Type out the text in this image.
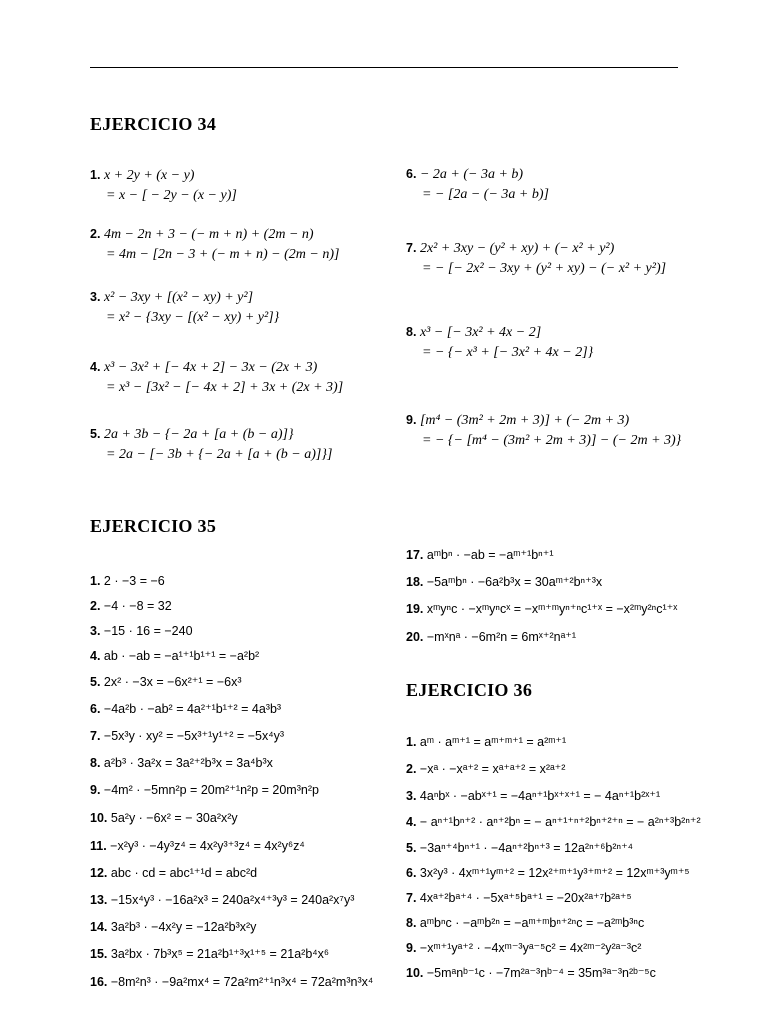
EJERCICIO 34
EJERCICIO 35
EJERCICIO 36
1. x + 2y + (x − y)
= x − [ − 2y − (x − y)]
2. 4m − 2n + 3 − (− m + n) + (2m − n)
= 4m − [2n − 3 + (− m + n) − (2m − n)]
3. x² − 3xy + [(x² − xy) + y²]
= x² − {3xy − [(x² − xy) + y²]}
4. x³ − 3x² + [− 4x + 2] − 3x − (2x + 3)
= x³ − [3x² − [− 4x + 2] + 3x + (2x + 3)]
5. 2a + 3b − {− 2a + [a + (b − a)]}
= 2a − [− 3b + {− 2a + [a + (b − a)]}]
6. − 2a + (− 3a + b)
= − [2a − (− 3a + b)]
7. 2x² + 3xy − (y² + xy) + (− x² + y²)
= − [− 2x² − 3xy + (y² + xy) − (− x² + y²)]
8. x³ − [− 3x² + 4x − 2]
= − {− x³ + [− 3x² + 4x − 2]}
9. [m⁴ − (3m² + 2m + 3)] + (− 2m + 3)
= − {− [m⁴ − (3m² + 2m + 3)] − (− 2m + 3)}
1. 2 · −3 = −6
2. −4 · −8 = 32
3. −15 · 16 = −240
4. ab · −ab = −a¹⁺¹b¹⁺¹ = −a²b²
5. 2x² · −3x = −6x²⁺¹ = −6x³
6. −4a²b · −ab² = 4a²⁺¹b¹⁺² = 4a³b³
7. −5x³y · xy² = −5x³⁺¹y¹⁺² = −5x⁴y³
8. a²b³ · 3a²x = 3a²⁺²b³x = 3a⁴b³x
9. −4m² · −5mn²p = 20m²⁺¹n²p = 20m³n²p
10. 5a²y · −6x² = − 30a²x²y
11. −x²y³ · −4y³z⁴ = 4x²y³⁺³z⁴ = 4x²y⁶z⁴
12. abc · cd = abc¹⁺¹d = abc²d
13. −15x⁴y³ · −16a²x³ = 240a²x⁴⁺³y³ = 240a²x⁷y³
14. 3a²b³ · −4x²y = −12a²b³x²y
15. 3a²bx · 7b³x⁵ = 21a²b¹⁺³x¹⁺⁵ = 21a²b⁴x⁶
16. −8m²n³ · −9a²mx⁴ = 72a²m²⁺¹n³x⁴ = 72a²m³n³x⁴
17. aᵐbⁿ · −ab = −aᵐ⁺¹bⁿ⁺¹
18. −5aᵐbⁿ · −6a²b³x = 30aᵐ⁺²bⁿ⁺³x
19. xᵐyⁿc · −xᵐyⁿcˣ = −xᵐ⁺ᵐyⁿ⁺ⁿc¹⁺ˣ = −x²ᵐy²ⁿc¹⁺ˣ
20. −mˣnᵃ · −6m²n = 6mˣ⁺²nᵃ⁺¹
1. aᵐ · aᵐ⁺¹ = aᵐ⁺ᵐ⁺¹ = a²ᵐ⁺¹
2. −xᵃ · −xᵃ⁺² = xᵃ⁺ᵃ⁺² = x²ᵃ⁺²
3. 4aⁿbˣ · −abˣ⁺¹ = −4aⁿ⁺¹bˣ⁺ˣ⁺¹ = − 4aⁿ⁺¹b²ˣ⁺¹
4. − aⁿ⁺¹bⁿ⁺² · aⁿ⁺²bⁿ = − aⁿ⁺¹⁺ⁿ⁺²bⁿ⁺²⁺ⁿ = − a²ⁿ⁺³b²ⁿ⁺²
5. −3aⁿ⁺⁴bⁿ⁺¹ · −4aⁿ⁺²bⁿ⁺³ = 12a²ⁿ⁺⁶b²ⁿ⁺⁴
6. 3x²y³ · 4xᵐ⁺¹yᵐ⁺² = 12x²⁺ᵐ⁺¹y³⁺ᵐ⁺² = 12xᵐ⁺³yᵐ⁺⁵
7. 4xᵃ⁺²bᵃ⁺⁴ · −5xᵃ⁺⁵bᵃ⁺¹ = −20x²ᵃ⁺⁷b²ᵃ⁺⁵
8. aᵐbⁿc · −aᵐb²ⁿ = −aᵐ⁺ᵐbⁿ⁺²ⁿc = −a²ᵐb³ⁿc
9. −xᵐ⁺¹yᵃ⁺² · −4xᵐ⁻³yᵃ⁻⁵c² = 4x²ᵐ⁻²y²ᵃ⁻³c²
10. −5mᵃnᵇ⁻¹c · −7m²ᵃ⁻³nᵇ⁻⁴ = 35m³ᵃ⁻³n²ᵇ⁻⁵c
